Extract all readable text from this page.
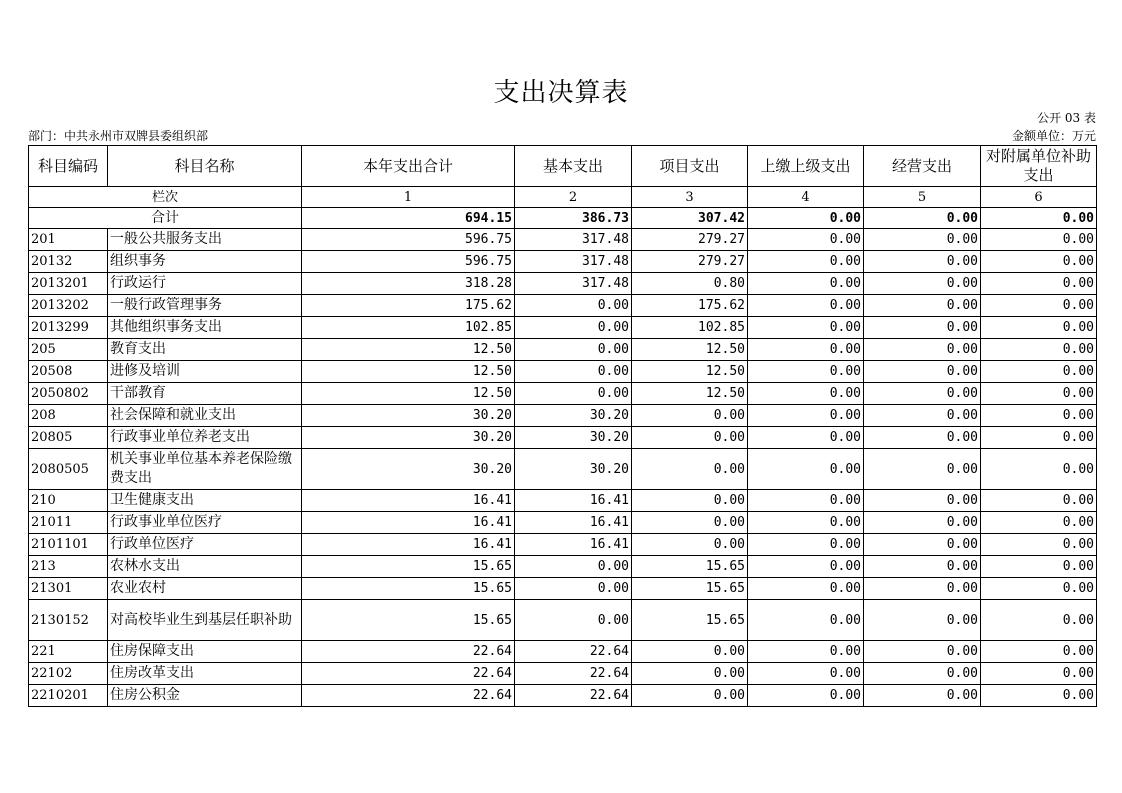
支出决算表
公开 03 表
部门：中共永州市双牌县委组织部	金额单位：万元
科目编码	科目名称	本年支出合计	基本支出	项目支出	上缴上级支出	经营支出	对附属单位补助支出
栏次		1	2	3	4	5	6
合计		694.15	386.73	307.42	0.00	0.00	0.00
201	一般公共服务支出	596.75	317.48	279.27	0.00	0.00	0.00
20132	组织事务	596.75	317.48	279.27	0.00	0.00	0.00
2013201	行政运行	318.28	317.48	0.80	0.00	0.00	0.00
2013202	一般行政管理事务	175.62	0.00	175.62	0.00	0.00	0.00
2013299	其他组织事务支出	102.85	0.00	102.85	0.00	0.00	0.00
205	教育支出	12.50	0.00	12.50	0.00	0.00	0.00
20508	进修及培训	12.50	0.00	12.50	0.00	0.00	0.00
2050802	干部教育	12.50	0.00	12.50	0.00	0.00	0.00
208	社会保障和就业支出	30.20	30.20	0.00	0.00	0.00	0.00
20805	行政事业单位养老支出	30.20	30.20	0.00	0.00	0.00	0.00
2080505	机关事业单位基本养老保险缴费支出	30.20	30.20	0.00	0.00	0.00	0.00
210	卫生健康支出	16.41	16.41	0.00	0.00	0.00	0.00
21011	行政事业单位医疗	16.41	16.41	0.00	0.00	0.00	0.00
2101101	行政单位医疗	16.41	16.41	0.00	0.00	0.00	0.00
213	农林水支出	15.65	0.00	15.65	0.00	0.00	0.00
21301	农业农村	15.65	0.00	15.65	0.00	0.00	0.00
2130152	对高校毕业生到基层任职补助	15.65	0.00	15.65	0.00	0.00	0.00
221	住房保障支出	22.64	22.64	0.00	0.00	0.00	0.00
22102	住房改革支出	22.64	22.64	0.00	0.00	0.00	0.00
2210201	住房公积金	22.64	22.64	0.00	0.00	0.00	0.00
